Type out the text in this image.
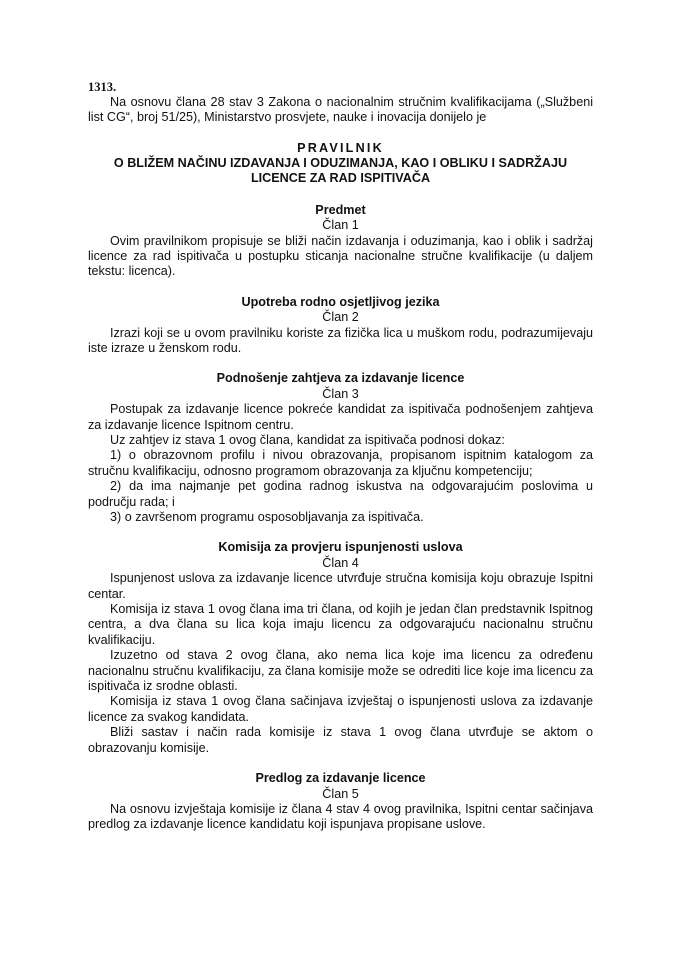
1313.

Na osnovu člana 28 stav 3 Zakona o nacionalnim stručnim kvalifikacijama („Službeni list CG“, broj 51/25), Ministarstvo prosvjete, nauke i inovacija donijelo je

PRAVILNIK
O BLIŽEM NAČINU IZDAVANJA I ODUZIMANJA, KAO I OBLIKU I SADRŽAJU
LICENCE ZA RAD ISPITIVAČA
Predmet
Član 1

Ovim pravilnikom propisuje se bliži način izdavanja i oduzimanja, kao i oblik i sadržaj licence za rad ispitivača u postupku sticanja nacionalne stručne kvalifikacije (u daljem tekstu: licenca).

Upotreba rodno osjetljivog jezika
Član 2

Izrazi koji se u ovom pravilniku koriste za fizička lica u muškom rodu, podrazumijevaju iste izraze u ženskom rodu.

Podnošenje zahtjeva za izdavanje licence
Član 3

Postupak za izdavanje licence pokreće kandidat za ispitivača podnošenjem zahtjeva za izdavanje licence Ispitnom centru.

Uz zahtjev iz stava 1 ovog člana, kandidat za ispitivača podnosi dokaz:

1) o obrazovnom profilu i nivou obrazovanja, propisanom ispitnim katalogom za stručnu kvalifikaciju, odnosno programom obrazovanja za ključnu kompetenciju;

2) da ima najmanje pet godina radnog iskustva na odgovarajućim poslovima u području rada; i

3) o završenom programu osposobljavanja za ispitivača.

Komisija za provjeru ispunjenosti uslova
Član 4

Ispunjenost uslova za izdavanje licence utvrđuje stručna komisija koju obrazuje Ispitni centar.

Komisija iz stava 1 ovog člana ima tri člana, od kojih je jedan član predstavnik Ispitnog centra, a dva člana su lica koja imaju licencu za odgovarajuću nacionalnu stručnu kvalifikaciju.

Izuzetno od stava 2 ovog člana, ako nema lica koje ima licencu za određenu nacionalnu stručnu kvalifikaciju, za člana komisije može se odrediti lice koje ima licencu za ispitivača iz srodne oblasti.

Komisija iz stava 1 ovog člana sačinjava izvještaj o ispunjenosti uslova za izdavanje licence za svakog kandidata.

Bliži sastav i način rada komisije iz stava 1 ovog člana utvrđuje se aktom o obrazovanju komisije.

Predlog za izdavanje licence
Član 5

Na osnovu izvještaja komisije iz člana 4 stav 4 ovog pravilnika, Ispitni centar sačinjava predlog za izdavanje licence kandidatu koji ispunjava propisane uslove.
